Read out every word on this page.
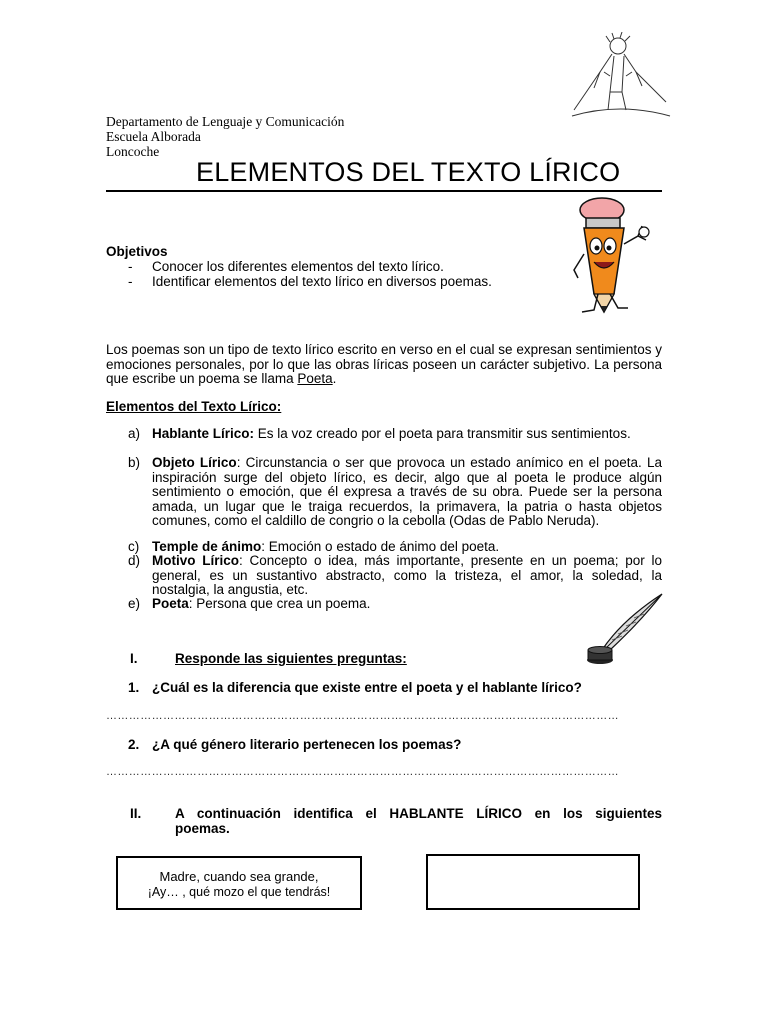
Departamento de Lenguaje y Comunicación
Escuela Alborada
Loncoche
ELEMENTOS DEL TEXTO LÍRICO
Objetivos
- Conocer los diferentes elementos del texto lírico.
- Identificar elementos del texto lírico en diversos poemas.
Los poemas son un tipo de texto lírico escrito en verso en el cual se expresan sentimientos y emociones personales, por lo que las obras líricas poseen un carácter subjetivo. La persona que escribe un poema se llama Poeta.
Elementos del Texto Lírico:
a) Hablante Lírico: Es la voz creado por el poeta para transmitir sus sentimientos.
b) Objeto Lírico: Circunstancia o ser que provoca un estado anímico en el poeta. La inspiración surge del objeto lírico, es decir, algo que al poeta le produce algún sentimiento o emoción, que él expresa a través de su obra. Puede ser la persona amada, un lugar que le traiga recuerdos, la primavera, la patria o hasta objetos comunes, como el caldillo de congrio o la cebolla (Odas de Pablo Neruda).
c) Temple de ánimo: Emoción o estado de ánimo del poeta.
d) Motivo Lírico: Concepto o idea, más importante, presente en un poema; por lo general, es un sustantivo abstracto, como la tristeza, el amor, la soledad, la nostalgia, la angustia, etc.
e) Poeta: Persona que crea un poema.
I.	Responde las siguientes preguntas:
1. ¿Cuál es la diferencia que existe entre el poeta y el hablante lírico?
………………………………………………………………………………………………………………………
2. ¿A qué género literario pertenecen los poemas?
………………………………………………………………………………………………………………………
II. A continuación identifica el HABLANTE LÍRICO en los siguientes
poemas.
Madre, cuando sea grande,
¡Ay… , qué mozo el que tendrás!
